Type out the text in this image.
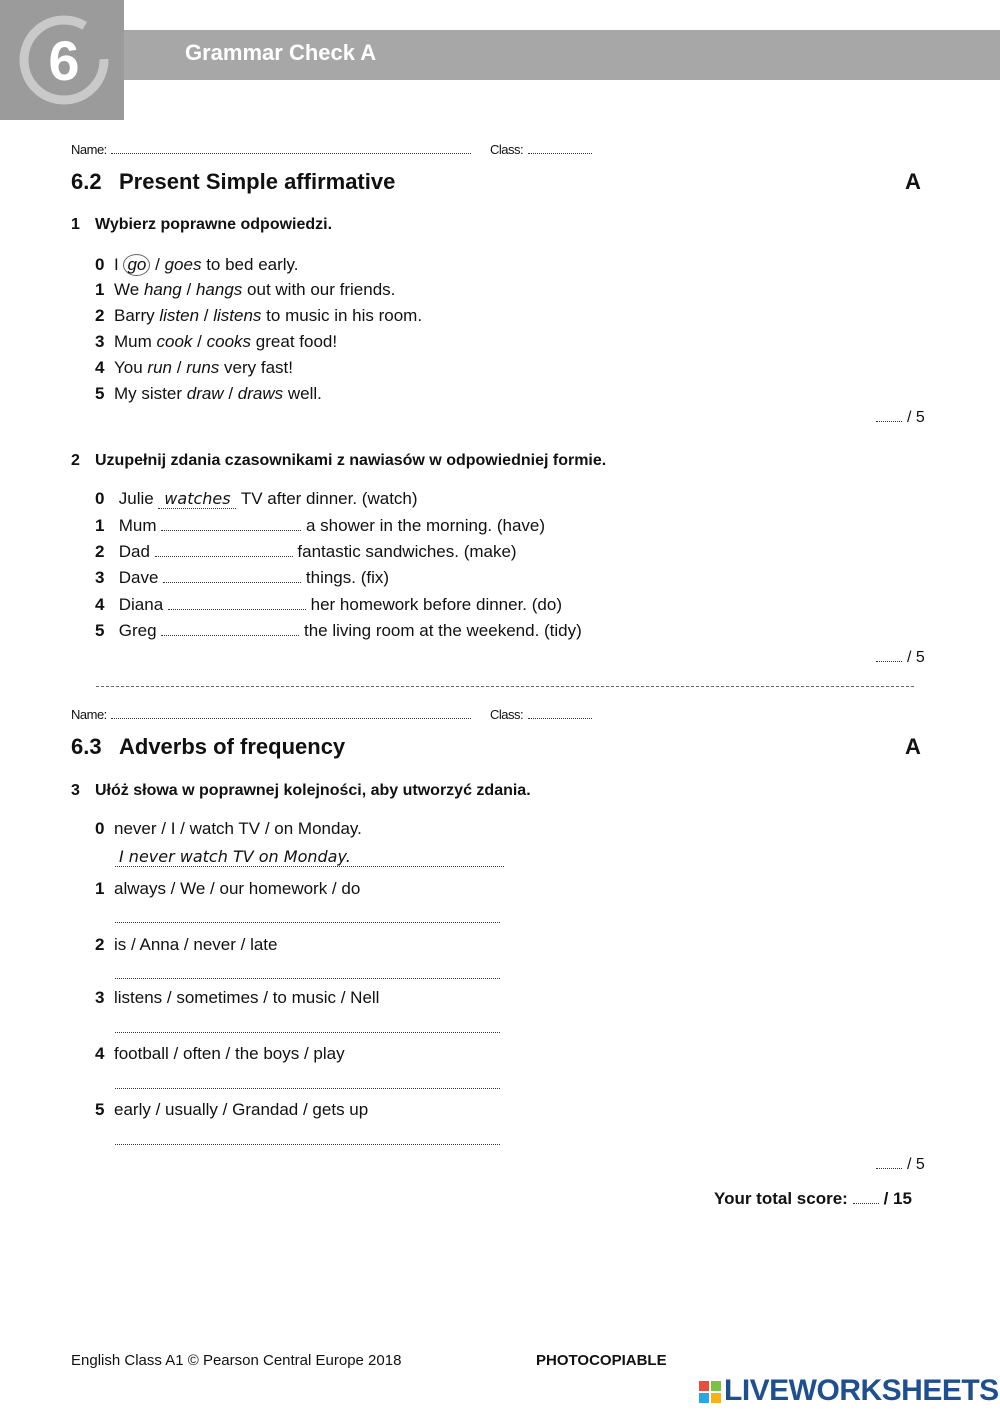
6	Grammar Check A
Name:	Class:
6.2 Present Simple affirmative	A
1 Wybierz poprawne odpowiedzi.
0 I go / goes to bed early.
1 We hang / hangs out with our friends.
2 Barry listen / listens to music in his room.
3 Mum cook / cooks great food!
4 You run / runs very fast!
5 My sister draw / draws well.
/ 5
2 Uzupełnij zdania czasownikami z nawiasów w odpowiedniej formie.
0 Julie watches TV after dinner. (watch)
1 Mum	a shower in the morning. (have)
2 Dad	fantastic sandwiches. (make)
3 Dave	things. (fix)
4 Diana	her homework before dinner. (do)
5 Greg	the living room at the weekend. (tidy)
/ 5
Name:	Class:
6.3 Adverbs of frequency	A
3 Ułóż słowa w poprawnej kolejności, aby utworzyć zdania.
0 never / I / watch TV / on Monday.
I never watch TV on Monday.
1 always / We / our homework / do
2 is / Anna / never / late
3 listens / sometimes / to music / Nell
4 football / often / the boys / play
5 early / usually / Grandad / gets up
/ 5
Your total score: / 15
English Class A1 © Pearson Central Europe 2018	PHOTOCOPIABLE
LIVEWORKSHEETS
